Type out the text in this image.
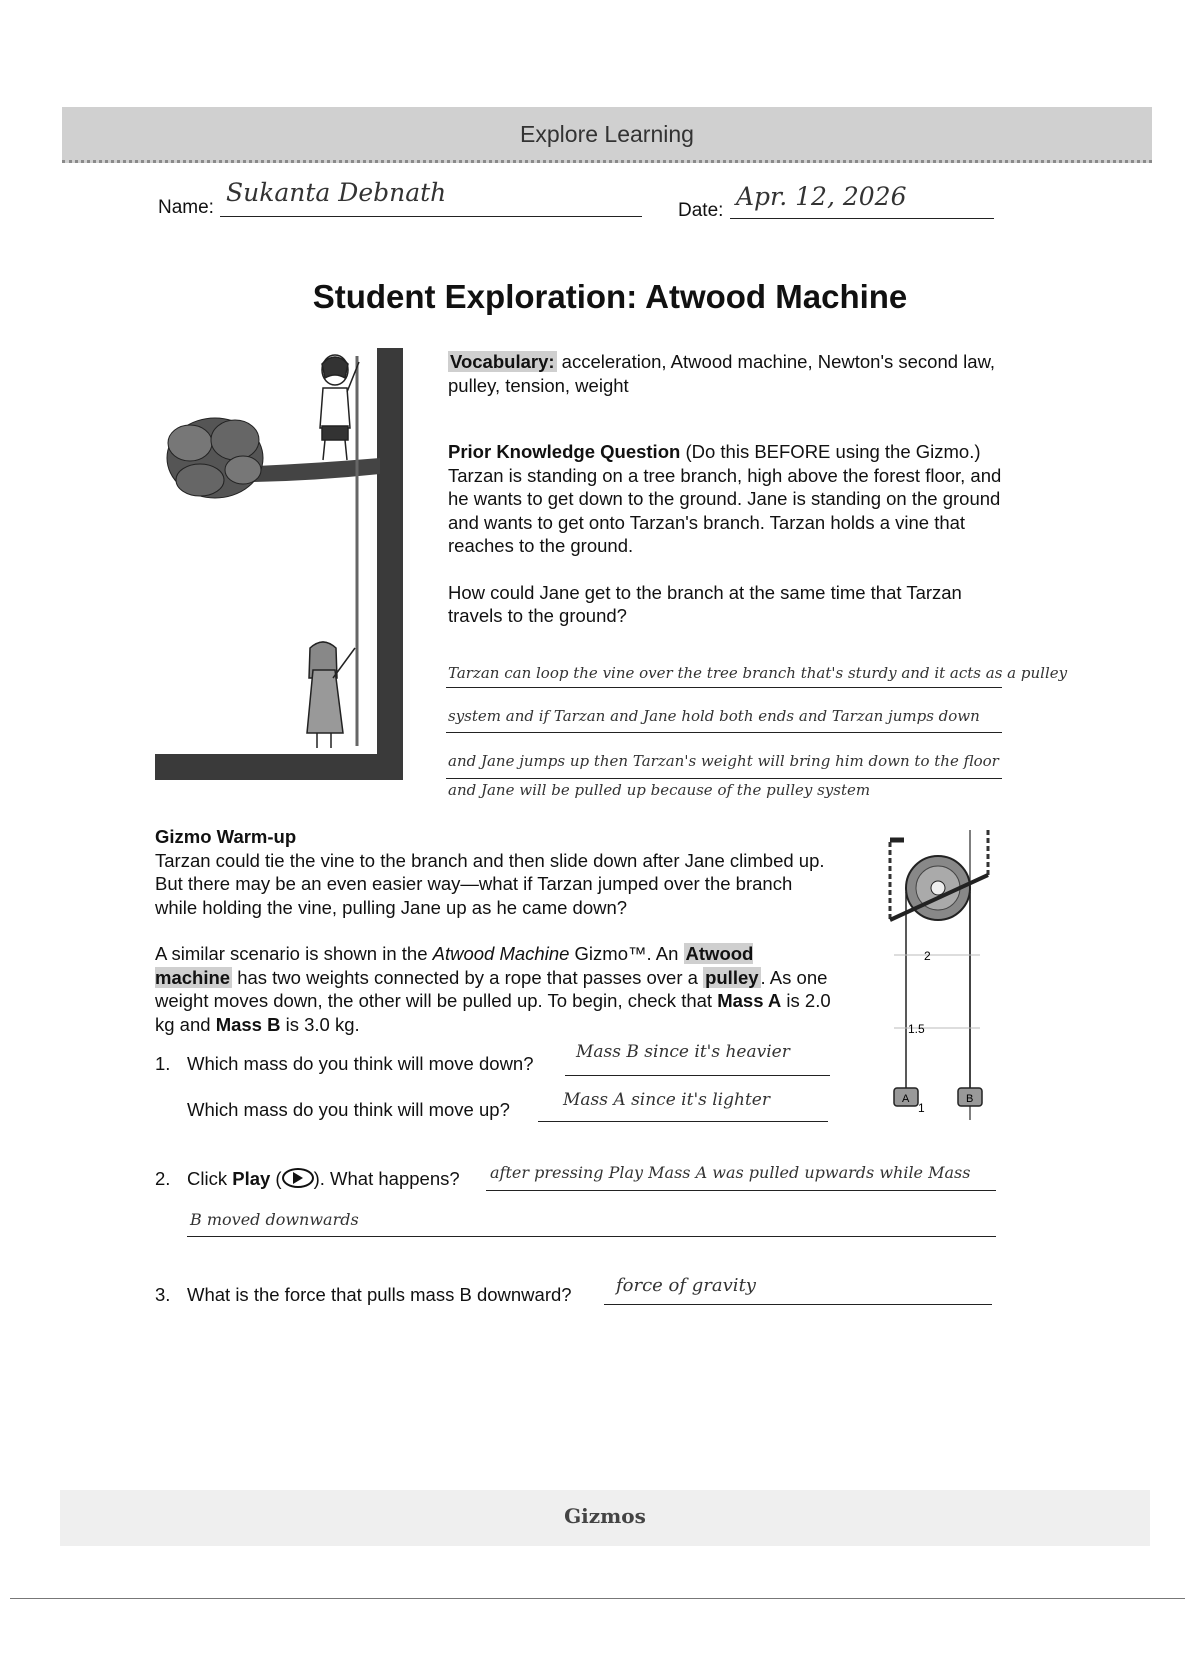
Explore Learning
Name:
Sukanta Debnath
Date: Apr. 12, 2026
Student Exploration: Atwood Machine
Vocabulary: acceleration, Atwood machine, Newton's second law, pulley, tension, weight
Prior Knowledge Question (Do this BEFORE using the Gizmo.)
Tarzan is standing on a tree branch, high above the forest floor, and he wants to get down to the ground. Jane is standing on the ground and wants to get onto Tarzan's branch. Tarzan holds a vine that reaches to the ground.
How could Jane get to the branch at the same time that Tarzan travels to the ground?
Tarzan can loop the vine over the tree branch that's sturdy and it acts as a pulley
system and if Tarzan and Jane hold both ends and Tarzan jumps down
and Jane jumps up then Tarzan's weight will bring him down to the floor
and Jane will be pulled up because of the pulley system
Gizmo Warm-up
Tarzan could tie the vine to the branch and then slide down after Jane climbed up. But there may be an even easier way—what if Tarzan jumped over the branch while holding the vine, pulling Jane up as he came down?
A similar scenario is shown in the Atwood Machine Gizmo™. An Atwood machine has two weights connected by a rope that passes over a pulley . As one weight moves down, the other will be pulled up. To begin, check that Mass A is 2.0 kg and Mass B is 3.0 kg.
2
1.5
1
A	B
1. Which mass do you think will move down?
Mass B since it's heavier
Which mass do you think will move up?	Mass A since it's lighter
2. Click Play ( ). What happens? after pressing Play Mass A was pulled upwards while Mass
B moved downwards
3. What is the force that pulls mass B downward? force of gravity
Gizmos
